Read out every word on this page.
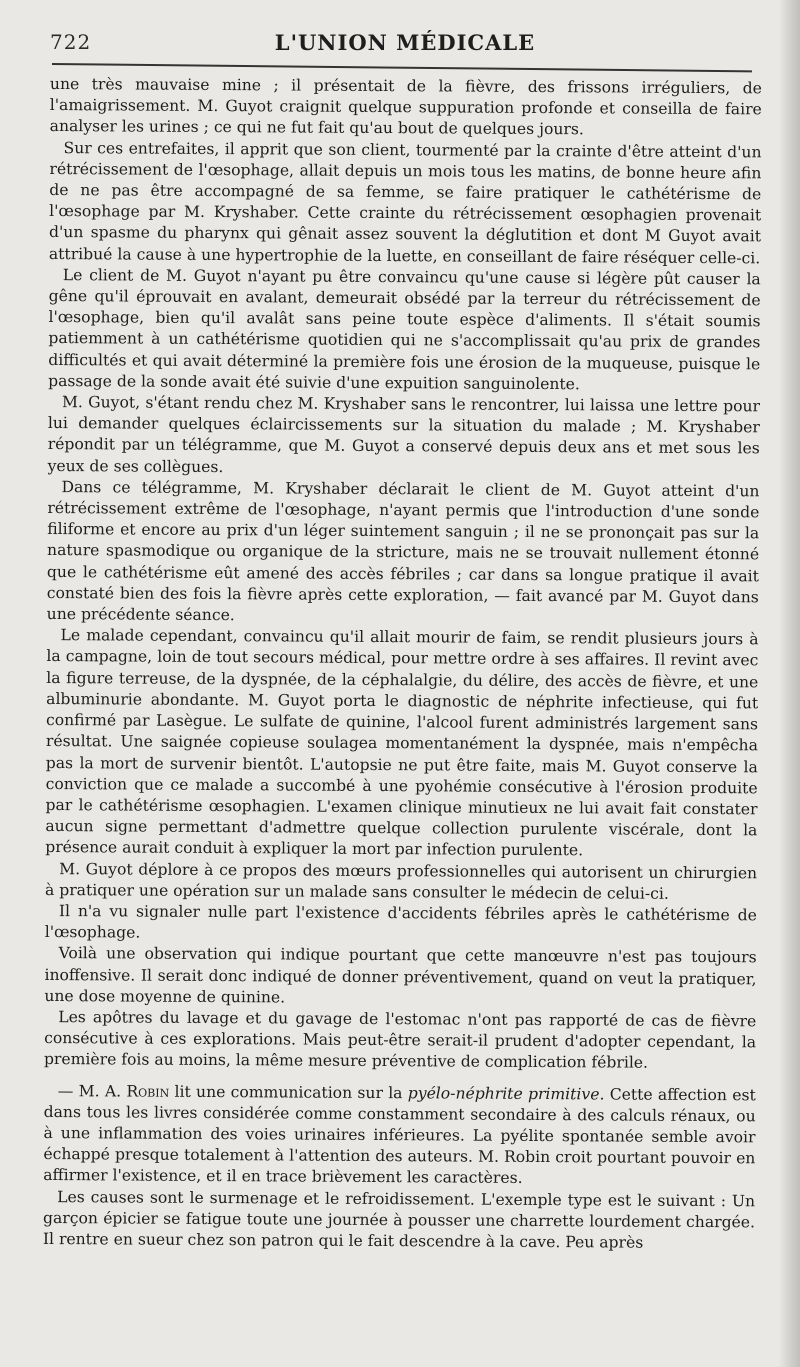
722	L'UNION MÉDICALE

une très mauvaise mine ; il présentait de la fièvre, des frissons irréguliers, de l'amaigrissement. M. Guyot craignit quelque suppuration profonde et conseilla de faire analyser les urines ; ce qui ne fut fait qu'au bout de quelques jours.

Sur ces entrefaites, il apprit que son client, tourmenté par la crainte d'être atteint d'un rétrécissement de l'œsophage, allait depuis un mois tous les matins, de bonne heure afin de ne pas être accompagné de sa femme, se faire pratiquer le cathétérisme de l'œsophage par M. Kryshaber. Cette crainte du rétrécissement œsophagien provenait d'un spasme du pharynx qui gênait assez souvent la déglutition et dont M Guyot avait attribué la cause à une hypertrophie de la luette, en conseillant de faire réséquer celle-ci.

Le client de M. Guyot n'ayant pu être convaincu qu'une cause si légère pût causer la gêne qu'il éprouvait en avalant, demeurait obsédé par la terreur du rétrécissement de l'œsophage, bien qu'il avalât sans peine toute espèce d'aliments. Il s'était soumis patiemment à un cathétérisme quotidien qui ne s'accomplissait qu'au prix de grandes difficultés et qui avait déterminé la première fois une érosion de la muqueuse, puisque le passage de la sonde avait été suivie d'une expuition sanguinolente.

M. Guyot, s'étant rendu chez M. Kryshaber sans le rencontrer, lui laissa une lettre pour lui demander quelques éclaircissements sur la situation du malade ; M. Kryshaber répondit par un télégramme, que M. Guyot a conservé depuis deux ans et met sous les yeux de ses collègues.

Dans ce télégramme, M. Kryshaber déclarait le client de M. Guyot atteint d'un rétrécissement extrême de l'œsophage, n'ayant permis que l'introduction d'une sonde filiforme et encore au prix d'un léger suintement sanguin ; il ne se prononçait pas sur la nature spasmodique ou organique de la stricture, mais ne se trouvait nullement étonné que le cathétérisme eût amené des accès fébriles ; car dans sa longue pratique il avait constaté bien des fois la fièvre après cette exploration, — fait avancé par M. Guyot dans une précédente séance.

Le malade cependant, convaincu qu'il allait mourir de faim, se rendit plusieurs jours à la campagne, loin de tout secours médical, pour mettre ordre à ses affaires. Il revint avec la figure terreuse, de la dyspnée, de la céphalalgie, du délire, des accès de fièvre, et une albuminurie abondante. M. Guyot porta le diagnostic de néphrite infectieuse, qui fut confirmé par Lasègue. Le sulfate de quinine, l'alcool furent administrés largement sans résultat. Une saignée copieuse soulagea momentanément la dyspnée, mais n'empêcha pas la mort de survenir bientôt. L'autopsie ne put être faite, mais M. Guyot conserve la conviction que ce malade a succombé à une pyohémie consécutive à l'érosion produite par le cathétérisme œsophagien. L'examen clinique minutieux ne lui avait fait constater aucun signe permettant d'admettre quelque collection purulente viscérale, dont la présence aurait conduit à expliquer la mort par infection purulente.

M. Guyot déplore à ce propos des mœurs professionnelles qui autorisent un chirurgien à pratiquer une opération sur un malade sans consulter le médecin de celui-ci.

Il n'a vu signaler nulle part l'existence d'accidents fébriles après le cathétérisme de l'œsophage.

Voilà une observation qui indique pourtant que cette manœuvre n'est pas toujours inoffensive. Il serait donc indiqué de donner préventivement, quand on veut la pratiquer, une dose moyenne de quinine.

Les apôtres du lavage et du gavage de l'estomac n'ont pas rapporté de cas de fièvre consécutive à ces explorations. Mais peut-être serait-il prudent d'adopter cependant, la première fois au moins, la même mesure préventive de complication fébrile.

— M. A. Robin lit une communication sur la pyélo-néphrite primitive. Cette affection est dans tous les livres considérée comme constamment secondaire à des calculs rénaux, ou à une inflammation des voies urinaires inférieures. La pyélite spontanée semble avoir échappé presque totalement à l'attention des auteurs. M. Robin croit pourtant pouvoir en affirmer l'existence, et il en trace brièvement les caractères.

Les causes sont le surmenage et le refroidissement. L'exemple type est le suivant : Un garçon épicier se fatigue toute une journée à pousser une charrette lourdement chargée. Il rentre en sueur chez son patron qui le fait descendre à la cave. Peu après
